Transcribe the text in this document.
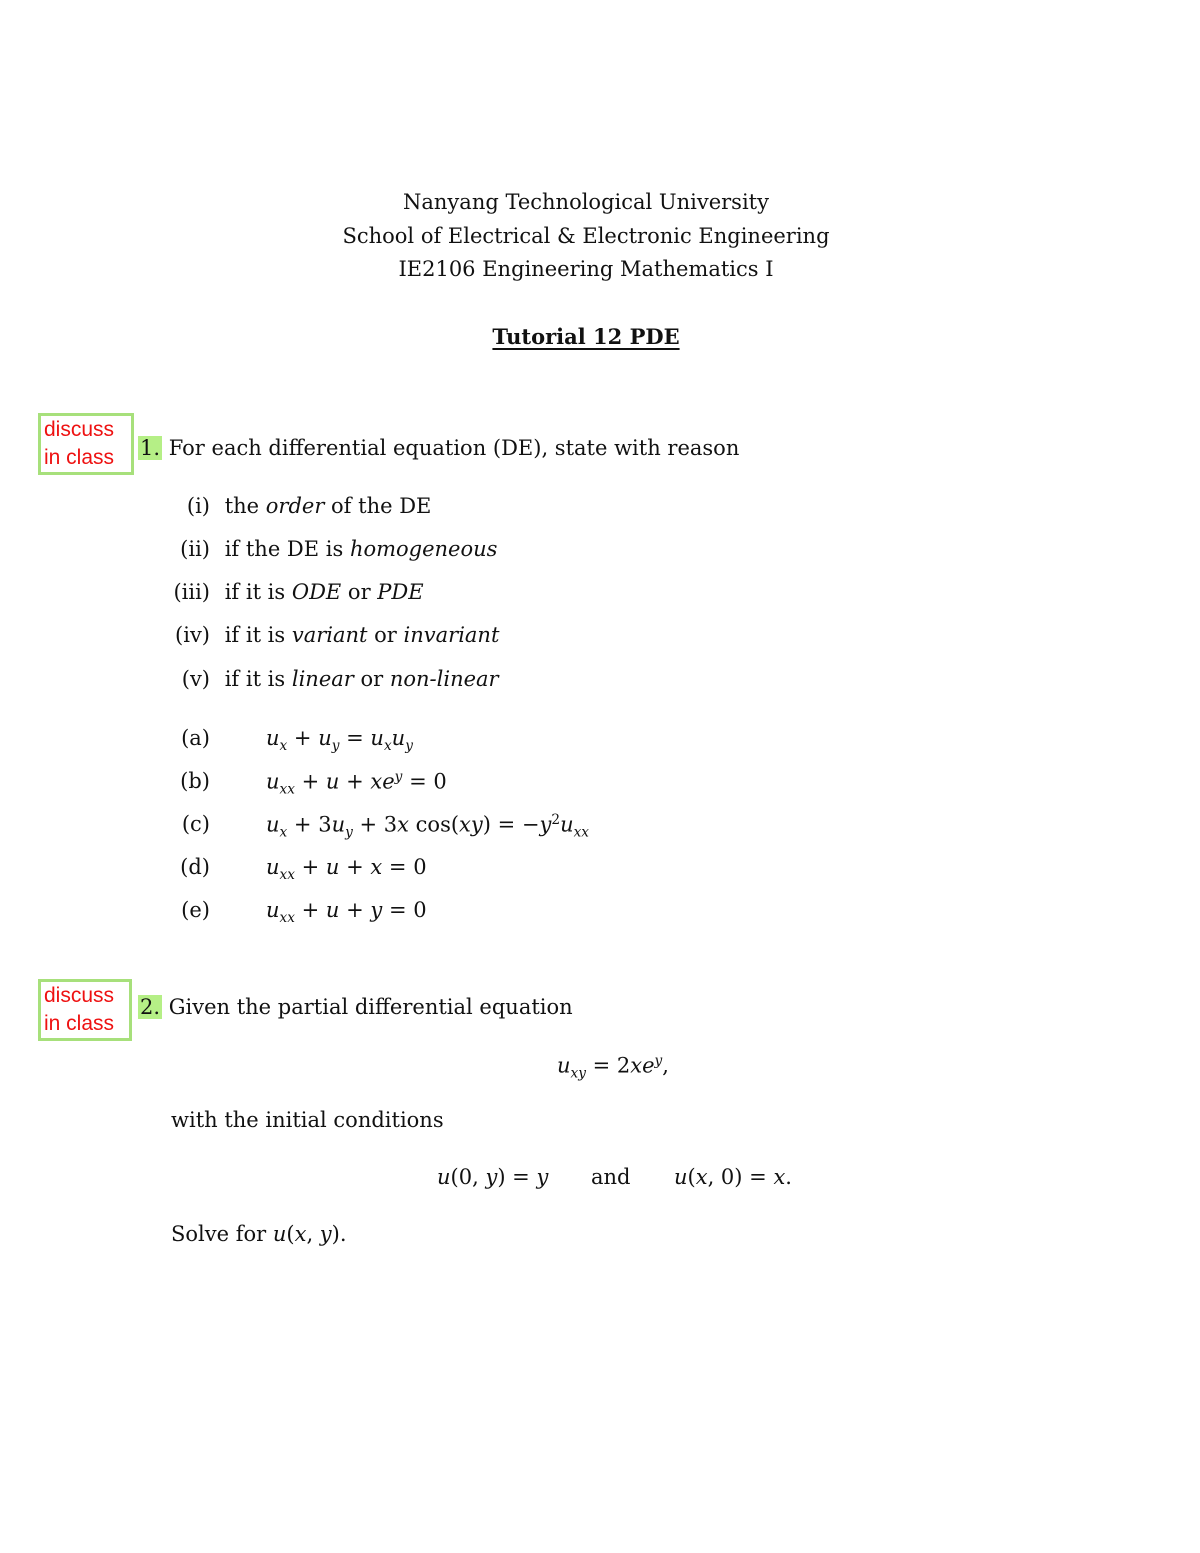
Nanyang Technological University
School of Electrical & Electronic Engineering
IE2106 Engineering Mathematics I
Tutorial 12 PDE
discuss
in class	1. For each differential equation (DE), state with reason
(i) the order of the DE
(ii) if the DE is homogeneous
(iii) if it is ODE or PDE
(iv) if it is variant or invariant
(v) if it is linear or non-linear
(a)	$u_x + u_y = u_xu_y$
(b)	$u_{xx} + u + xe^y = 0$
(c)	$u_x + 3u_y + 3x$ $\cos(xy) = -y^2u_{xx}$
(d)	$u_{xx} + u + x = 0$
(e)	$u_{xx} + u + y = 0$
discuss
in class
2. Given the partial differential equation
$u_{xy} = 2xe^y$,
with the initial conditions
u(0, y) = y and u(x, 0) = x.
Solve for u(x, y).
